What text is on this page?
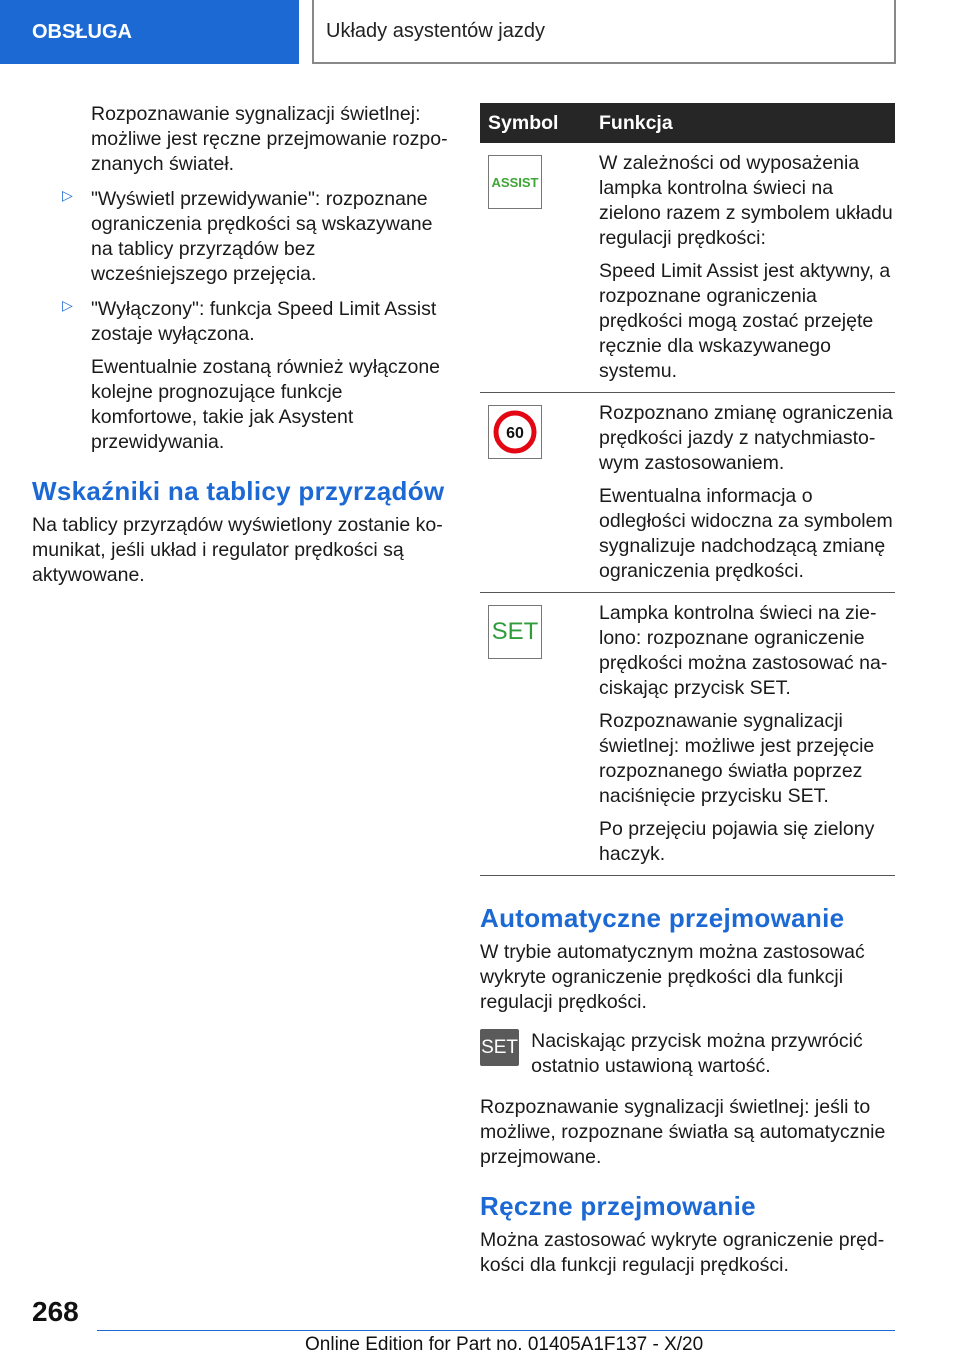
OBSŁUGA	Układy asystentów jazdy

Rozpoznawanie sygnalizacji świetlnej: możliwe jest ręczne przejmowanie rozpoznanych świateł.

▷ "Wyświetl przewidywanie": rozpoznane ograniczenia prędkości są wskazywane na tablicy przyrządów bez wcześniejszego przejęcia.

▷ "Wyłączony": funkcja Speed Limit Assist zostaje wyłączona.

Ewentualnie zostaną również wyłączone kolejne prognozujące funkcje komfortowe, takie jak Asystent przewidywania.

Wskaźniki na tablicy przyrządów

Na tablicy przyrządów wyświetlony zostanie komunikat, jeśli układ i regulator prędkości są aktywowane.

Symbol	Funkcja

ASSIST	W zależności od wyposażenia lampka kontrolna świeci na zielono razem z symbolem układu regulacji prędkości:

Speed Limit Assist jest aktywny, a rozpoznane ograniczenia prędkości mogą zostać przejęte ręcznie dla wskazywanego systemu.

60	Rozpoznano zmianę ograniczenia prędkości jazdy z natychmiastowym zastosowaniem.

Ewentualna informacja o odległości widoczna za symbolem sygnalizuje nadchodzącą zmianę ograniczenia prędkości.

SET	Lampka kontrolna świeci na zielono: rozpoznane ograniczenie prędkości można zastosować naciskając przycisk SET.

Rozpoznawanie sygnalizacji świetlnej: możliwe jest przejęcie rozpoznanego światła poprzez naciśnięcie przycisku SET.

Po przejęciu pojawia się zielony haczyk.

Automatyczne przejmowanie

W trybie automatycznym można zastosować wykryte ograniczenie prędkości dla funkcji regulacji prędkości.

SET Naciskając przycisk można przywrócić ostatnio ustawioną wartość.

Rozpoznawanie sygnalizacji świetlnej: jeśli to możliwe, rozpoznane światła są automatycznie przejmowane.

Ręczne przejmowanie

Można zastosować wykryte ograniczenie prędkości dla funkcji regulacji prędkości.

268
Online Edition for Part no. 01405A1F137 - X/20
